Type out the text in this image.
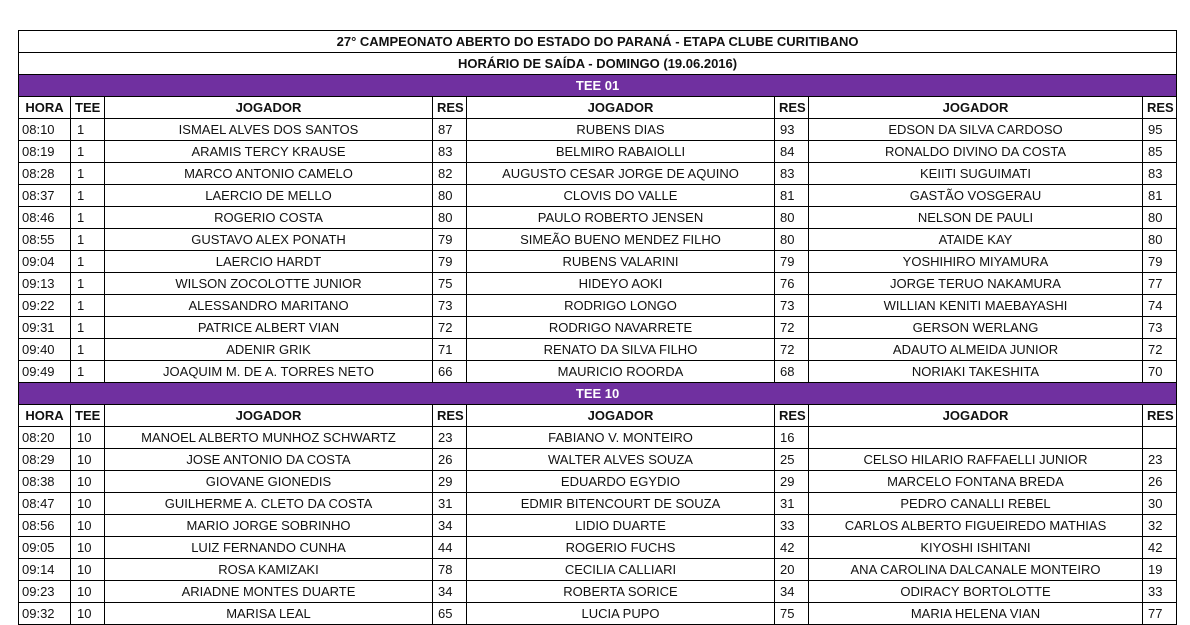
27° CAMPEONATO ABERTO DO ESTADO DO PARANÁ - ETAPA CLUBE CURITIBANO							
HORÁRIO DE SAÍDA - DOMINGO (19.06.2016)							
TEE 01							
HORA	TEE	JOGADOR	RES	JOGADOR	RES	JOGADOR	RES
08:10	1	ISMAEL ALVES DOS SANTOS	87	RUBENS DIAS	93	EDSON DA SILVA CARDOSO	95
08:19	1	ARAMIS TERCY KRAUSE	83	BELMIRO RABAIOLLI	84	RONALDO DIVINO DA COSTA	85
08:28	1	MARCO ANTONIO CAMELO	82	AUGUSTO CESAR JORGE DE AQUINO	83	KEIITI SUGUIMATI	83
08:37	1	LAERCIO DE MELLO	80	CLOVIS DO VALLE	81	GASTÃO VOSGERAU	81
08:46	1	ROGERIO COSTA	80	PAULO ROBERTO JENSEN	80	NELSON DE PAULI	80
08:55	1	GUSTAVO ALEX PONATH	79	SIMEÃO BUENO MENDEZ FILHO	80	ATAIDE KAY	80
09:04	1	LAERCIO HARDT	79	RUBENS VALARINI	79	YOSHIHIRO MIYAMURA	79
09:13	1	WILSON ZOCOLOTTE JUNIOR	75	HIDEYO AOKI	76	JORGE TERUO NAKAMURA	77
09:22	1	ALESSANDRO MARITANO	73	RODRIGO LONGO	73	WILLIAN KENITI MAEBAYASHI	74
09:31	1	PATRICE ALBERT VIAN	72	RODRIGO NAVARRETE	72	GERSON WERLANG	73
09:40	1	ADENIR GRIK	71	RENATO DA SILVA FILHO	72	ADAUTO ALMEIDA JUNIOR	72
09:49	1	JOAQUIM M. DE A. TORRES NETO	66	MAURICIO ROORDA	68	NORIAKI TAKESHITA	70
TEE 10							
HORA	TEE	JOGADOR	RES	JOGADOR	RES	JOGADOR	RES
08:20	10	MANOEL ALBERTO MUNHOZ SCHWARTZ	23	FABIANO V. MONTEIRO	16		
08:29	10	JOSE ANTONIO DA COSTA	26	WALTER ALVES SOUZA	25	CELSO HILARIO RAFFAELLI JUNIOR	23
08:38	10	GIOVANE GIONEDIS	29	EDUARDO EGYDIO	29	MARCELO FONTANA BREDA	26
08:47	10	GUILHERME A. CLETO DA COSTA	31	EDMIR BITENCOURT DE SOUZA	31	PEDRO CANALLI REBEL	30
08:56	10	MARIO JORGE SOBRINHO	34	LIDIO DUARTE	33	CARLOS ALBERTO FIGUEIREDO MATHIAS	32
09:05	10	LUIZ FERNANDO CUNHA	44	ROGERIO FUCHS	42	KIYOSHI ISHITANI	42
09:14	10	ROSA KAMIZAKI	78	CECILIA CALLIARI	20	ANA CAROLINA DALCANALE MONTEIRO	19
09:23	10	ARIADNE MONTES DUARTE	34	ROBERTA SORICE	34	ODIRACY BORTOLOTTE	33
09:32	10	MARISA LEAL	65	LUCIA PUPO	75	MARIA HELENA VIAN	77
